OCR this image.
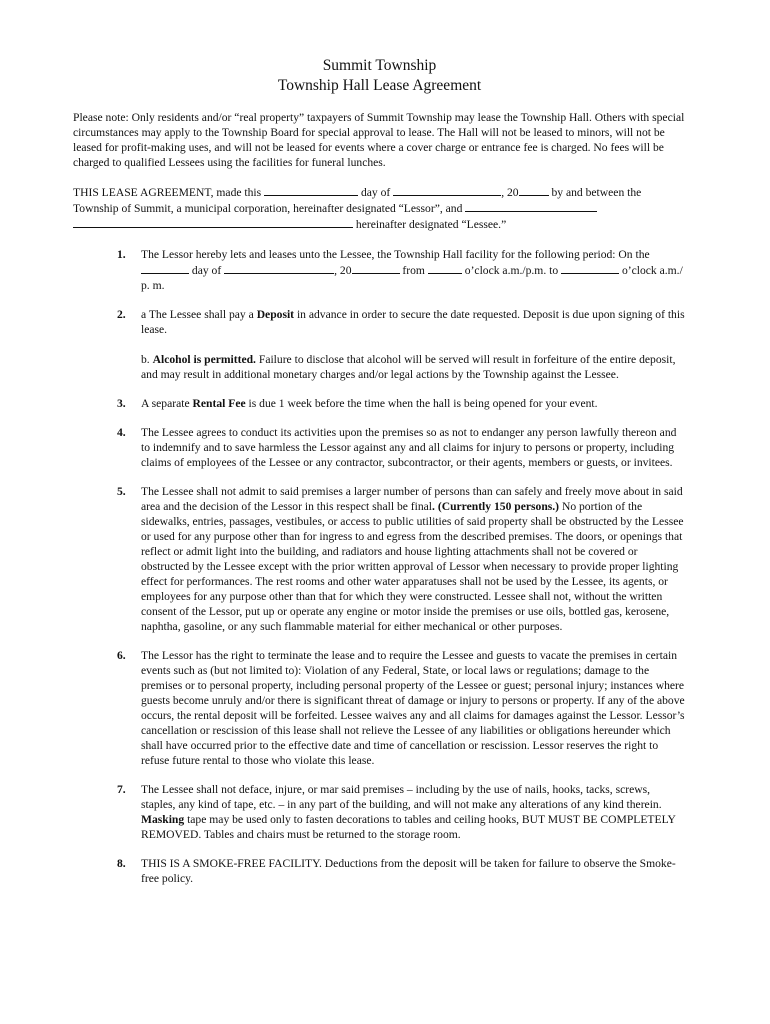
Summit Township

Township Hall Lease Agreement

Please note: Only residents and/or “real property” taxpayers of Summit Township may lease the Township Hall. Others with special circumstances may apply to the Township Board for special approval to lease. The Hall will not be leased to minors, will not be leased for profit-making uses, and will not be leased for events where a cover charge or entrance fee is charged. No fees will be charged to qualified Lessees using the facilities for funeral lunches.

THIS LEASE AGREEMENT, made this	day of	, 20	by and between the Township of Summit, a municipal corporation, hereinafter designated “Lessor”, and   hereinafter designated “Lessee.”

1.	The Lessor hereby lets and leases unto the Lessee, the Township Hall facility for the following period: On the  day of	, 20	from	o’clock a.m./p.m. to	o’clock a.m./ p. m.
2.	a The Lessee shall pay a Deposit in advance in order to secure the date requested. Deposit is due upon signing of this lease.

b. Alcohol is permitted. Failure to disclose that alcohol will be served will result in forfeiture of the entire deposit, and may result in additional monetary charges and/or legal actions by the Township against the Lessee.

3.	A separate Rental Fee is due 1 week before the time when the hall is being opened for your event.
4.	The Lessee agrees to conduct its activities upon the premises so as not to endanger any person lawfully thereon and to indemnify and to save harmless the Lessor against any and all claims for injury to persons or property, including claims of employees of the Lessee or any contractor, subcontractor, or their agents, members or guests, or invitees.
5.	The Lessee shall not admit to said premises a larger number of persons than can safely and freely move about in said area and the decision of the Lessor in this respect shall be final. (Currently 150 persons.) No portion of the sidewalks, entries, passages, vestibules, or access to public utilities of said property shall be obstructed by the Lessee or used for any purpose other than for ingress to and egress from the described premises. The doors, or openings that reflect or admit light into the building, and radiators and house lighting attachments shall not be covered or obstructed by the Lessee except with the prior written approval of Lessor when necessary to provide proper lighting effect for performances. The rest rooms and other water apparatuses shall not be used by the Lessee, its agents, or employees for any purpose other than that for which they were constructed. Lessee shall not, without the written consent of the Lessor, put up or operate any engine or motor inside the premises or use oils, bottled gas, kerosene, naphtha, gasoline, or any such flammable material for either mechanical or other purposes.
6.	The Lessor has the right to terminate the lease and to require the Lessee and guests to vacate the premises in certain events such as (but not limited to): Violation of any Federal, State, or local laws or regulations; damage to the premises or to personal property, including personal property of the Lessee or guest; personal injury; instances where guests become unruly and/or there is significant threat of damage or injury to persons or property. If any of the above occurs, the rental deposit will be forfeited. Lessee waives any and all claims for damages against the Lessor. Lessor’s cancellation or rescission of this lease shall not relieve the Lessee of any liabilities or obligations hereunder which shall have occurred prior to the effective date and time of cancellation or rescission. Lessor reserves the right to refuse future rental to those who violate this lease.
7.	The Lessee shall not deface, injure, or mar said premises – including by the use of nails, hooks, tacks, screws, staples, any kind of tape, etc. – in any part of the building, and will not make any alterations of any kind therein. Masking tape may be used only to fasten decorations to tables and ceiling hooks, BUT MUST BE COMPLETELY REMOVED. Tables and chairs must be returned to the storage room.
8.	THIS IS A SMOKE-FREE FACILITY. Deductions from the deposit will be taken for failure to observe the Smoke-free policy.
